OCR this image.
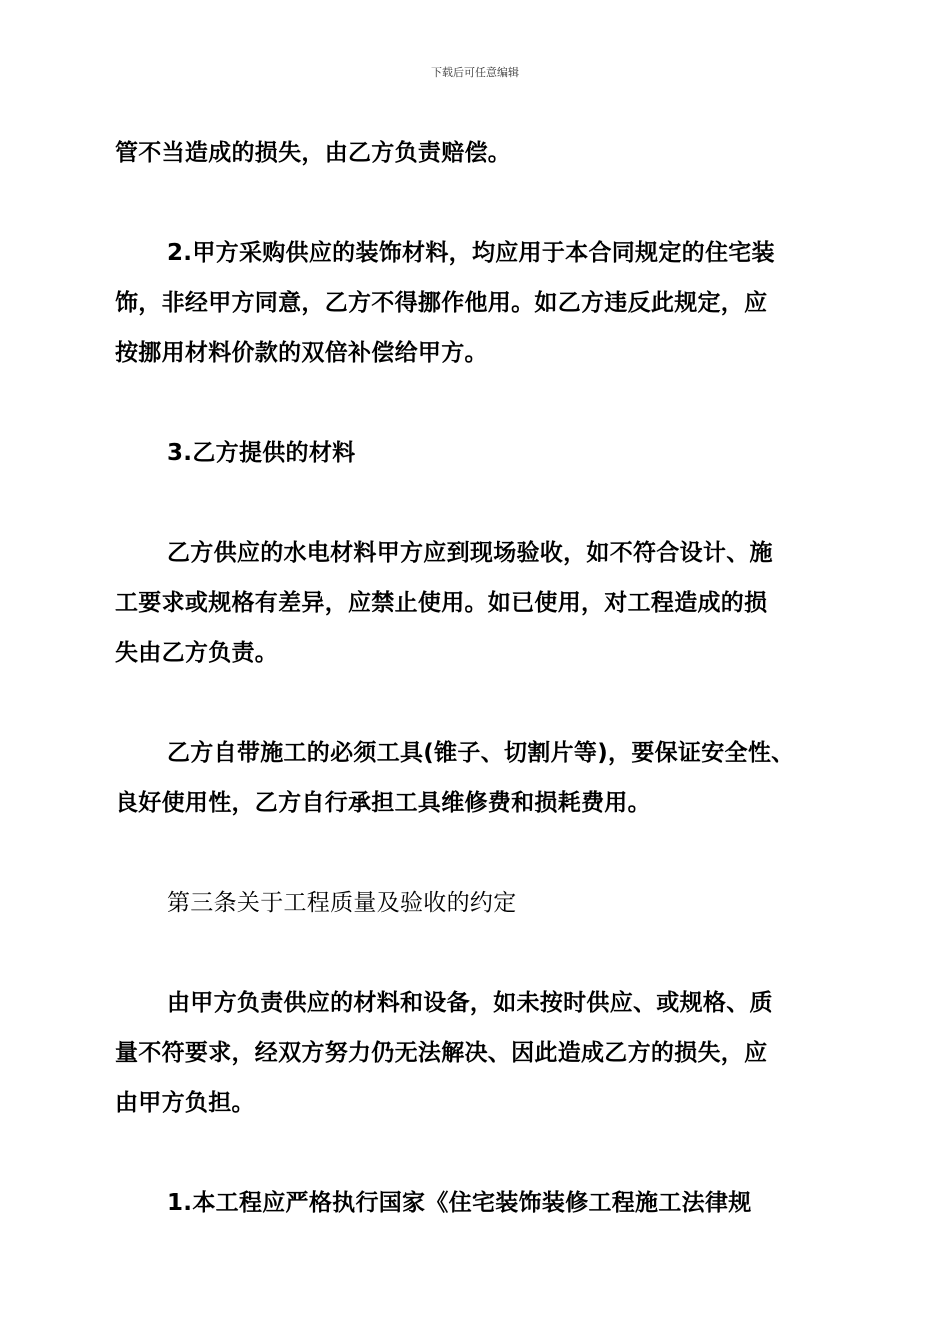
下载后可任意编辑

管不当造成的损失，由乙方负责赔偿。

2.甲方采购供应的装饰材料，均应用于本合同规定的住宅装
饰，非经甲方同意，乙方不得挪作他用。如乙方违反此规定，应
按挪用材料价款的双倍补偿给甲方。

3.乙方提供的材料

乙方供应的水电材料甲方应到现场验收，如不符合设计、施
工要求或规格有差异，应禁止使用。如已使用，对工程造成的损
失由乙方负责。

乙方自带施工的必须工具(锥子、切割片等)，要保证安全性、
良好使用性，乙方自行承担工具维修费和损耗费用。

第三条关于工程质量及验收的约定

由甲方负责供应的材料和设备，如未按时供应、或规格、质
量不符要求，经双方努力仍无法解决、因此造成乙方的损失，应
由甲方负担。

1.本工程应严格执行国家《住宅装饰装修工程施工法律规
